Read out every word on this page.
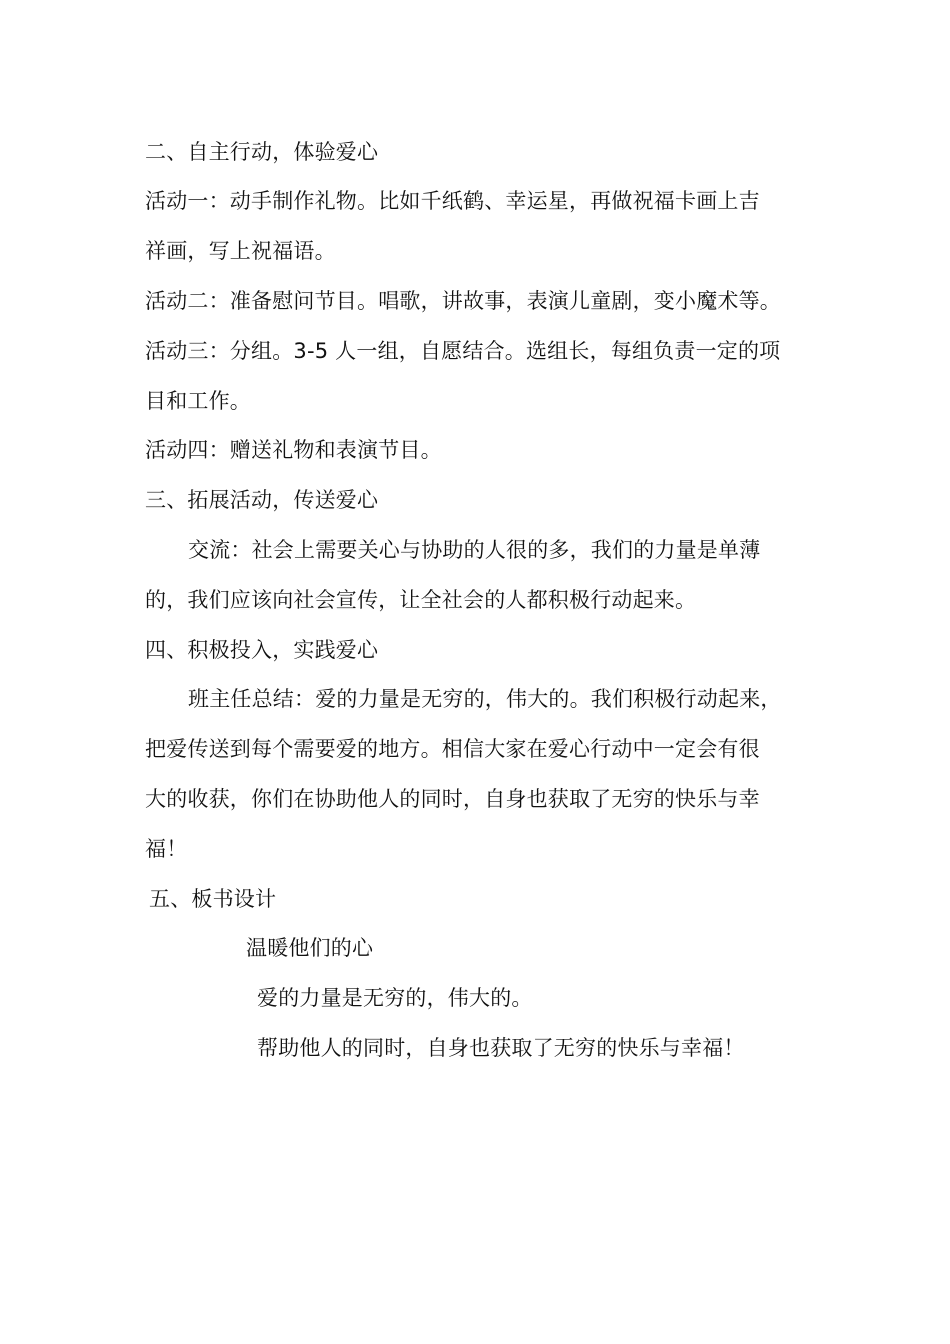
二、自主行动，体验爱心
活动一：动手制作礼物。比如千纸鹤、幸运星，再做祝福卡画上吉
祥画，写上祝福语。
活动二：准备慰问节目。唱歌，讲故事，表演儿童剧，变小魔术等。
活动三：分组。3-5 人一组，自愿结合。选组长，每组负责一定的项
目和工作。
活动四：赠送礼物和表演节目。
三、拓展活动，传送爱心
交流：社会上需要关心与协助的人很的多，我们的力量是单薄
的，我们应该向社会宣传，让全社会的人都积极行动起来。
四、积极投入，实践爱心
班主任总结：爱的力量是无穷的，伟大的。我们积极行动起来，
把爱传送到每个需要爱的地方。相信大家在爱心行动中一定会有很
大的收获，你们在协助他人的同时，自身也获取了无穷的快乐与幸
福！
五、板书设计
温暖他们的心
爱的力量是无穷的，伟大的。
帮助他人的同时，自身也获取了无穷的快乐与幸福！
